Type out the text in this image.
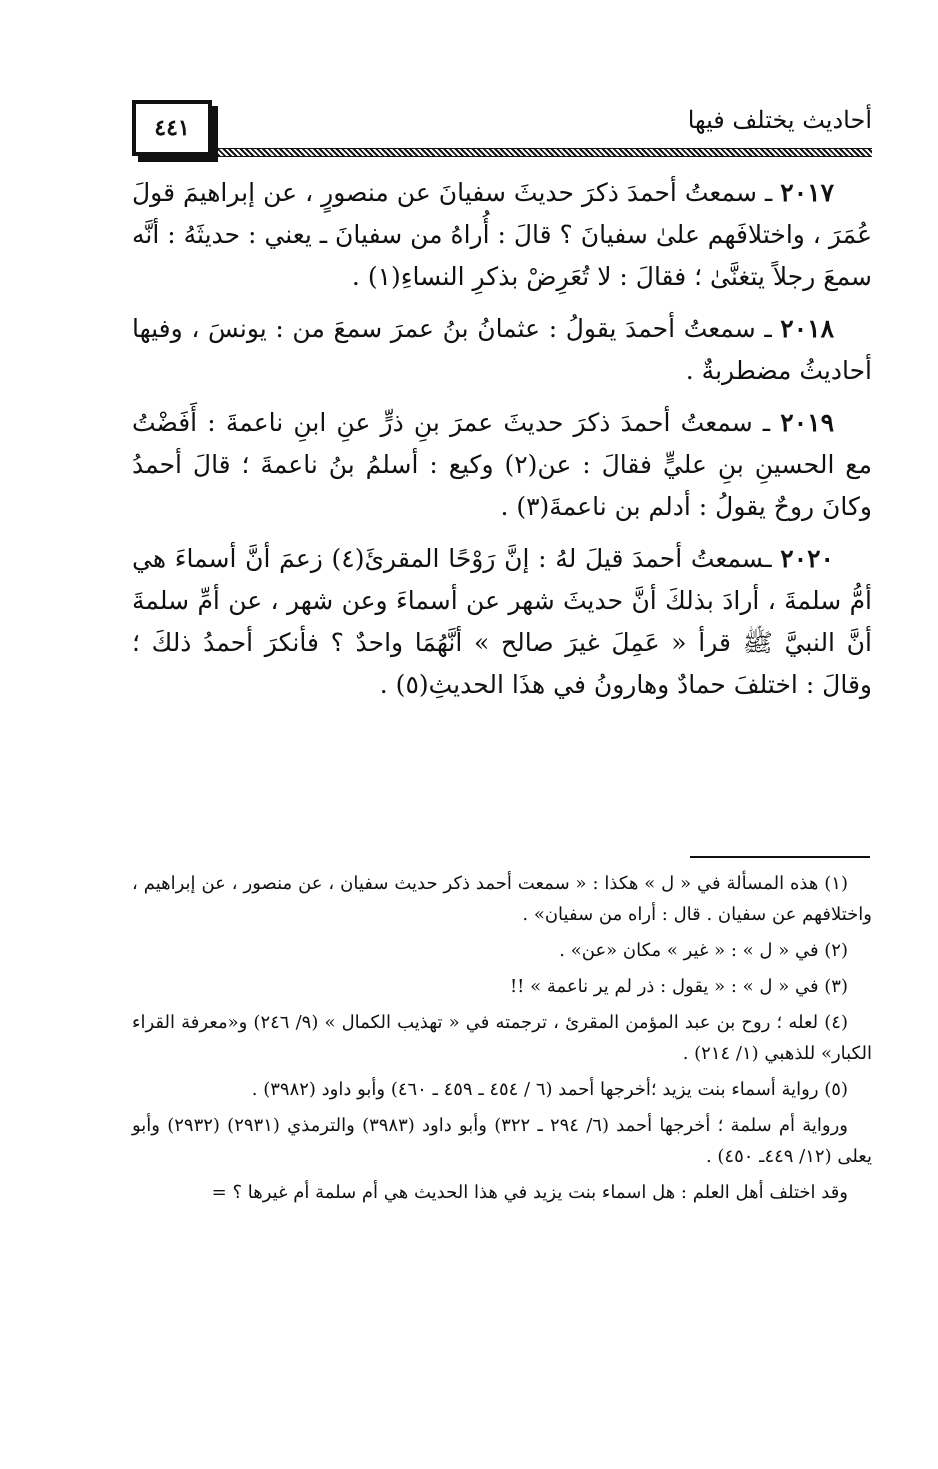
٤٤١	أحاديث يختلف فيها

٢٠١٧ ـ سمعتُ أحمدَ ذكرَ حديثَ سفيانَ عن منصورٍ ، عن إبراهيمَ قولَ عُمَرَ ، واختلافَهم علىٰ سفيانَ ؟ قالَ : أُراهُ من سفيانَ ـ يعني : حديثَهُ : أنَّه سمعَ رجلاً يتغنَّىٰ ؛ فقالَ : لا تُعَرِضْ بذكرِ النساءِ(١) .

٢٠١٨ ـ سمعتُ أحمدَ يقولُ : عثمانُ بنُ عمرَ سمعَ من : يونسَ ، وفيها أحاديثُ مضطربةٌ .

٢٠١٩ ـ سمعتُ أحمدَ ذكرَ حديثَ عمرَ بنِ ذرٍّ عنِ ابنِ ناعمةَ : أَفَضْتُ مع الحسينِ بنِ عليٍّ فقالَ : عن(٢) وكيع : أسلمُ بنُ ناعمةَ ؛ قالَ أحمدُ وكانَ روحٌ يقولُ : أدلم بن ناعمةَ(٣) .

٢٠٢٠ ـسمعتُ أحمدَ قيلَ لهُ : إنَّ رَوْحًا المقرئَ(٤) زعمَ أنَّ أسماءَ هي أمُّ سلمةَ ، أرادَ بذلكَ أنَّ حديثَ شهر عن أسماءَ وعن شهر ، عن أمِّ سلمةَ أنَّ النبيَّ ﷺ قرأ « عَمِلَ غيرَ صالح » أنَّهُمَا واحدٌ ؟ فأنكرَ أحمدُ ذلكَ ؛ وقالَ : اختلفَ حمادٌ وهارونُ في هذَا الحديثِ(٥) .

(١) هذه المسألة في « ل » هكذا : « سمعت أحمد ذكر حديث سفيان ، عن منصور ، عن إبراهيم ، واختلافهم عن سفيان . قال : أراه من سفيان» .

(٢) في « ل » : « غير » مكان «عن» .

(٣) في « ل » : « يقول : ذر لم ير ناعمة » !!

(٤) لعله ؛ روح بن عبد المؤمن المقرئ ، ترجمته في « تهذيب الكمال » (٩/ ٢٤٦) و«معرفة القراء الكبار» للذهبي (١/ ٢١٤) .

(٥) رواية أسماء بنت يزيد ؛أخرجها أحمد (٦ / ٤٥٤ ـ ٤٥٩ ـ ٤٦٠) وأبو داود (٣٩٨٢) .

ورواية أم سلمة ؛ أخرجها أحمد (٦/ ٢٩٤ ـ ٣٢٢) وأبو داود (٣٩٨٣) والترمذي (٢٩٣١) (٢٩٣٢) وأبو يعلى (١٢/ ٤٤٩ـ ٤٥٠) .

وقد اختلف أهل العلم : هل اسماء بنت يزيد في هذا الحديث هي أم سلمة أم غيرها ؟ =
